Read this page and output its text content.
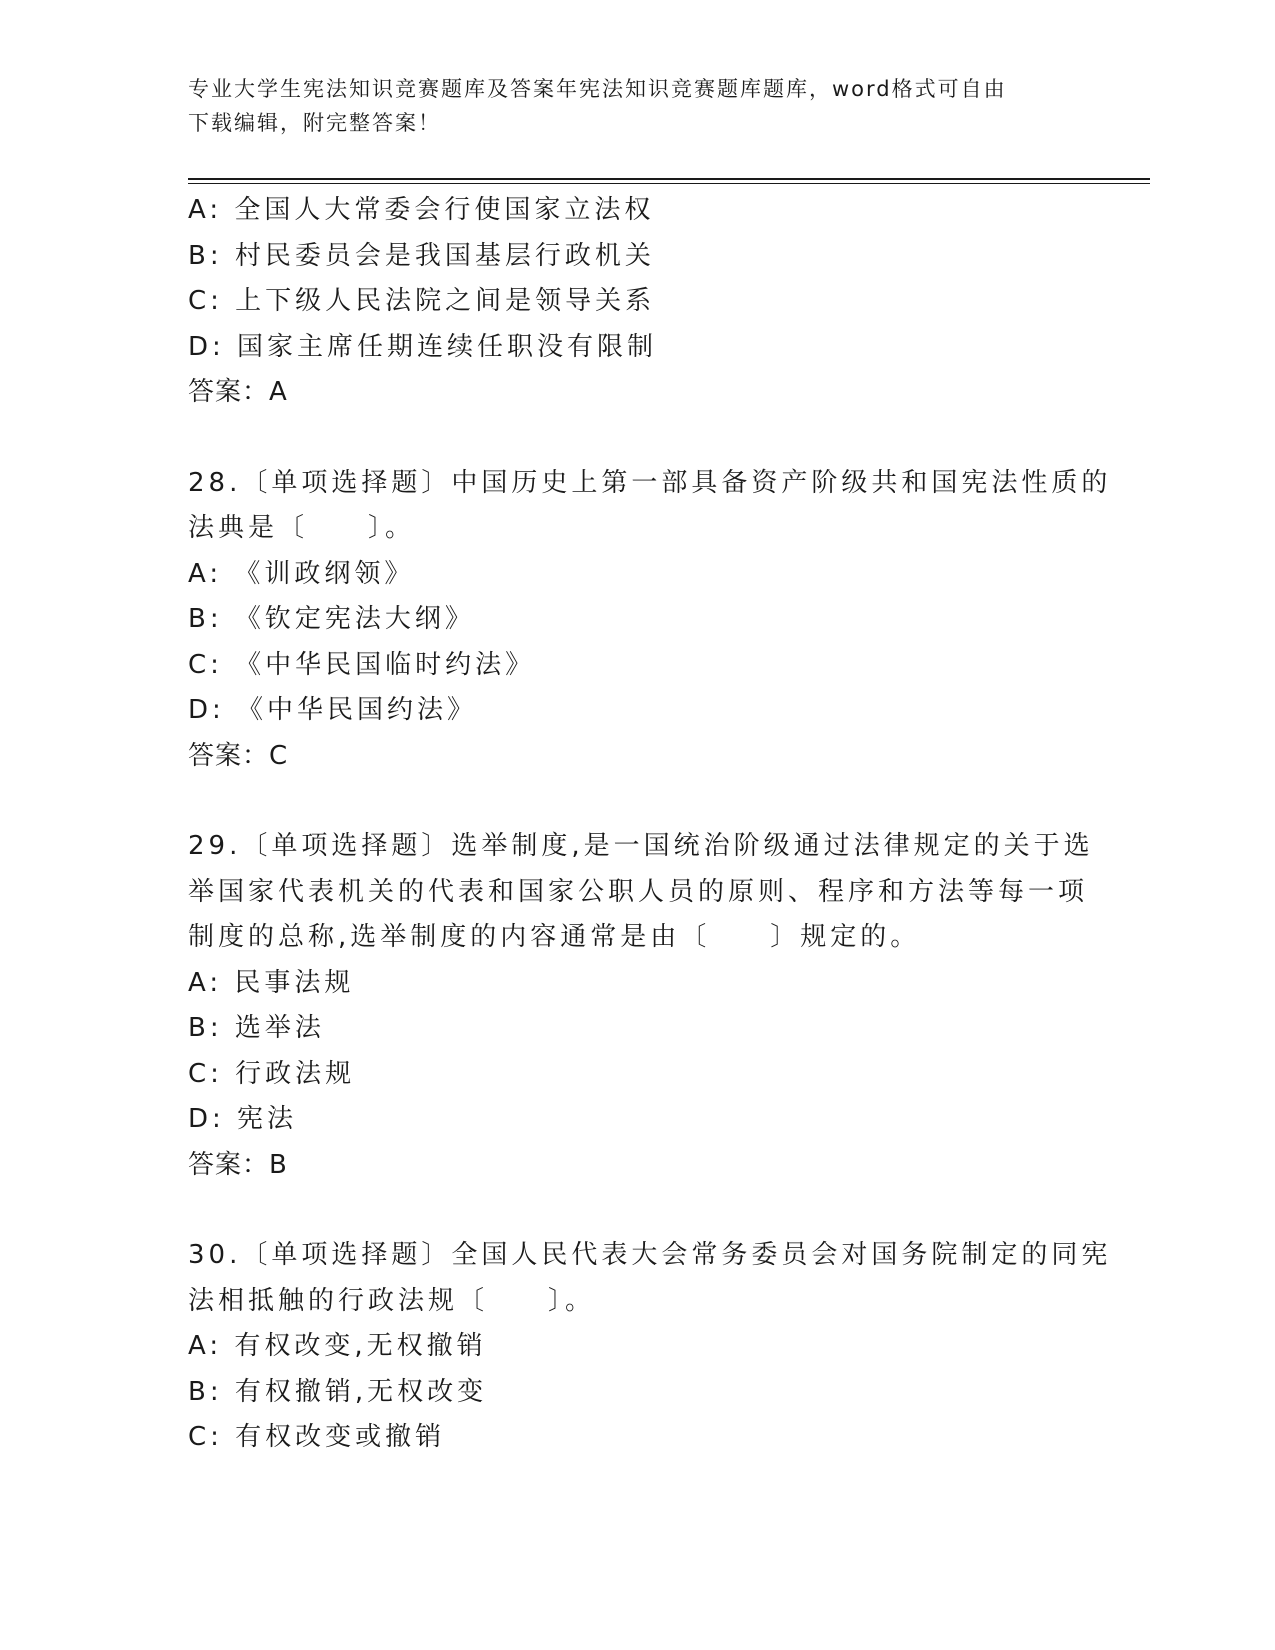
专业大学生宪法知识竞赛题库及答案年宪法知识竞赛题库题库，word格式可自由
下载编辑，附完整答案！
A: 全国人大常委会行使国家立法权
B: 村民委员会是我国基层行政机关
C: 上下级人民法院之间是领导关系
D: 国家主席任期连续任职没有限制
答案：A
28.〔单项选择题〕中国历史上第一部具备资产阶级共和国宪法性质的
法典是〔　　〕。
A: 《训政纲领》
B: 《钦定宪法大纲》
C: 《中华民国临时约法》
D: 《中华民国约法》
答案：C
29.〔单项选择题〕选举制度,是一国统治阶级通过法律规定的关于选
举国家代表机关的代表和国家公职人员的原则、程序和方法等每一项
制度的总称,选举制度的内容通常是由〔　　〕规定的。
A: 民事法规
B: 选举法
C: 行政法规
D: 宪法
答案：B
30.〔单项选择题〕全国人民代表大会常务委员会对国务院制定的同宪
法相抵触的行政法规〔　　〕。
A: 有权改变,无权撤销
B: 有权撤销,无权改变
C: 有权改变或撤销
